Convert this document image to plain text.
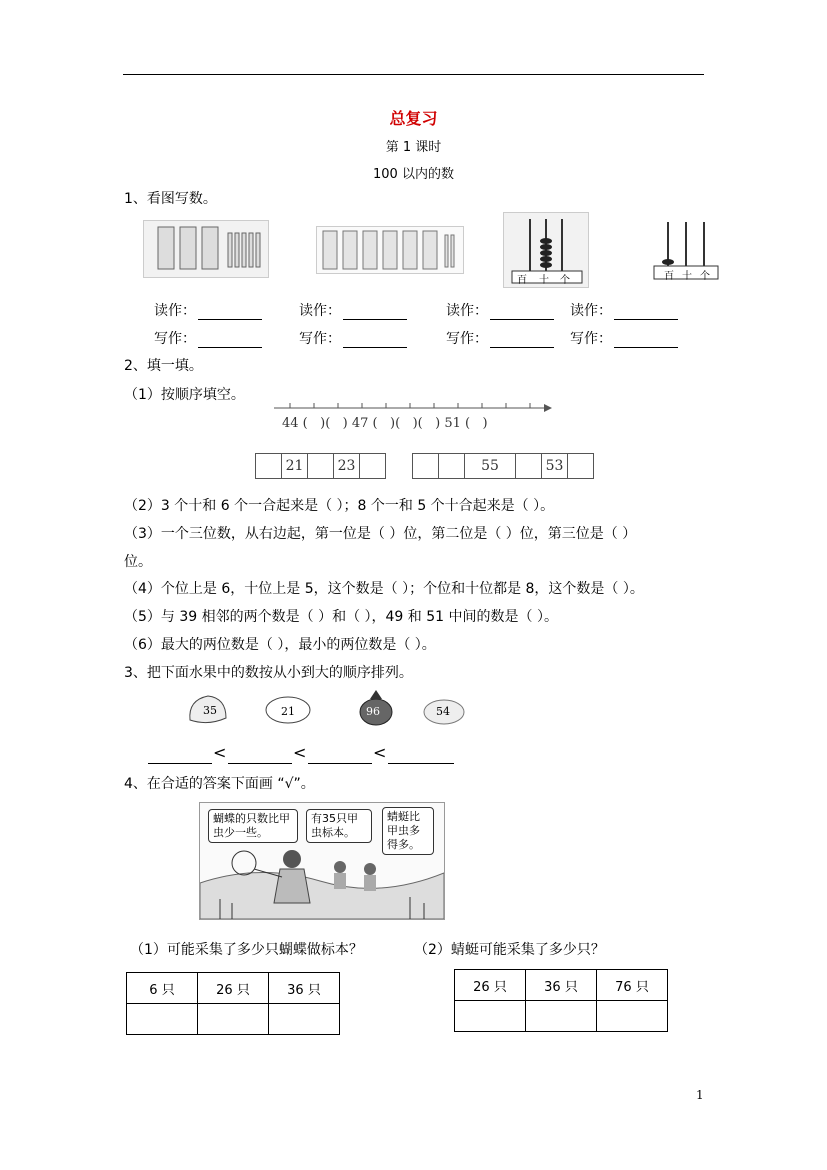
总复习
第 1 课时
100 以内的数
1、看图写数。
百 十 个	百 十 个
读作：	读作：	读作：	读作：
写作：	写作：	写作：	写作：
2、填一填。
（1）按顺序填空。
44 (   )(   ) 47 (   )(   )(   ) 51 (   )
21	23	55	53
（2）3 个十和 6 个一合起来是（ ）；8 个一和 5 个十合起来是（ ）。
（3）一个三位数，从右边起，第一位是（ ）位，第二位是（ ）位，第三位是（ ）
位。
（4）个位上是 6，十位上是 5，这个数是（ ）；个位和十位都是 8，这个数是（ ）。
（5）与 39 相邻的两个数是（ ）和（ ），49 和 51 中间的数是（ ）。
（6）最大的两位数是（ ），最小的两位数是（ ）。
3、把下面水果中的数按从小到大的顺序排列。
35	21	96	54
<	<	<
4、在合适的答案下面画 “√”。
蝴蝶的只数比甲虫少一些。
有35只甲虫标本。
蜻蜓比甲虫多得多。
（1）可能采集了多少只蝴蝶做标本？	（2）蜻蜓可能采集了多少只？
6 只	26 只	36 只
			26 只	36 只	76 只

1
